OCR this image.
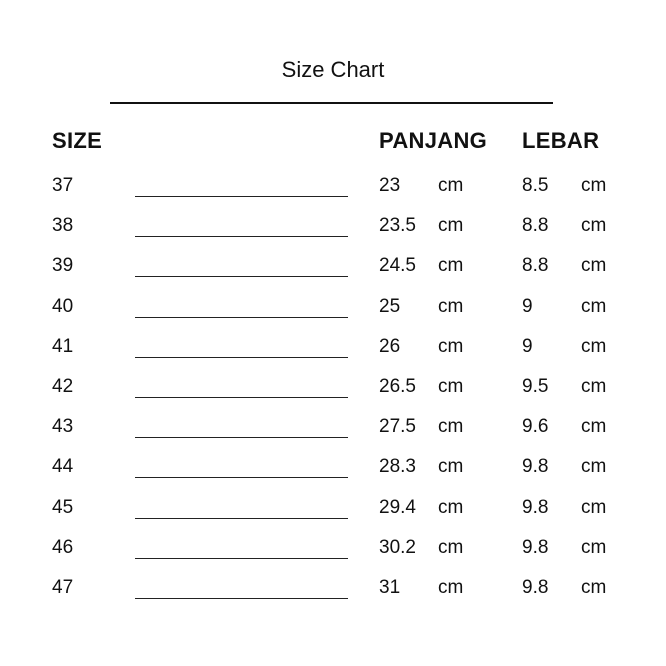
Size Chart
SIZE	PANJANG LEBAR
37	23 cm	8.5 cm
38	23.5 cm	8.8 cm
39	24.5 cm	8.8 cm
40	25 cm	9	cm
41	26 cm	9	cm
42	26.5 cm	9.5 cm
43	27.5 cm	9.6 cm
44	28.3 cm	9.8 cm
45	29.4 cm	9.8 cm
46	30.2 cm	9.8 cm
47	31 cm	9.8 cm
